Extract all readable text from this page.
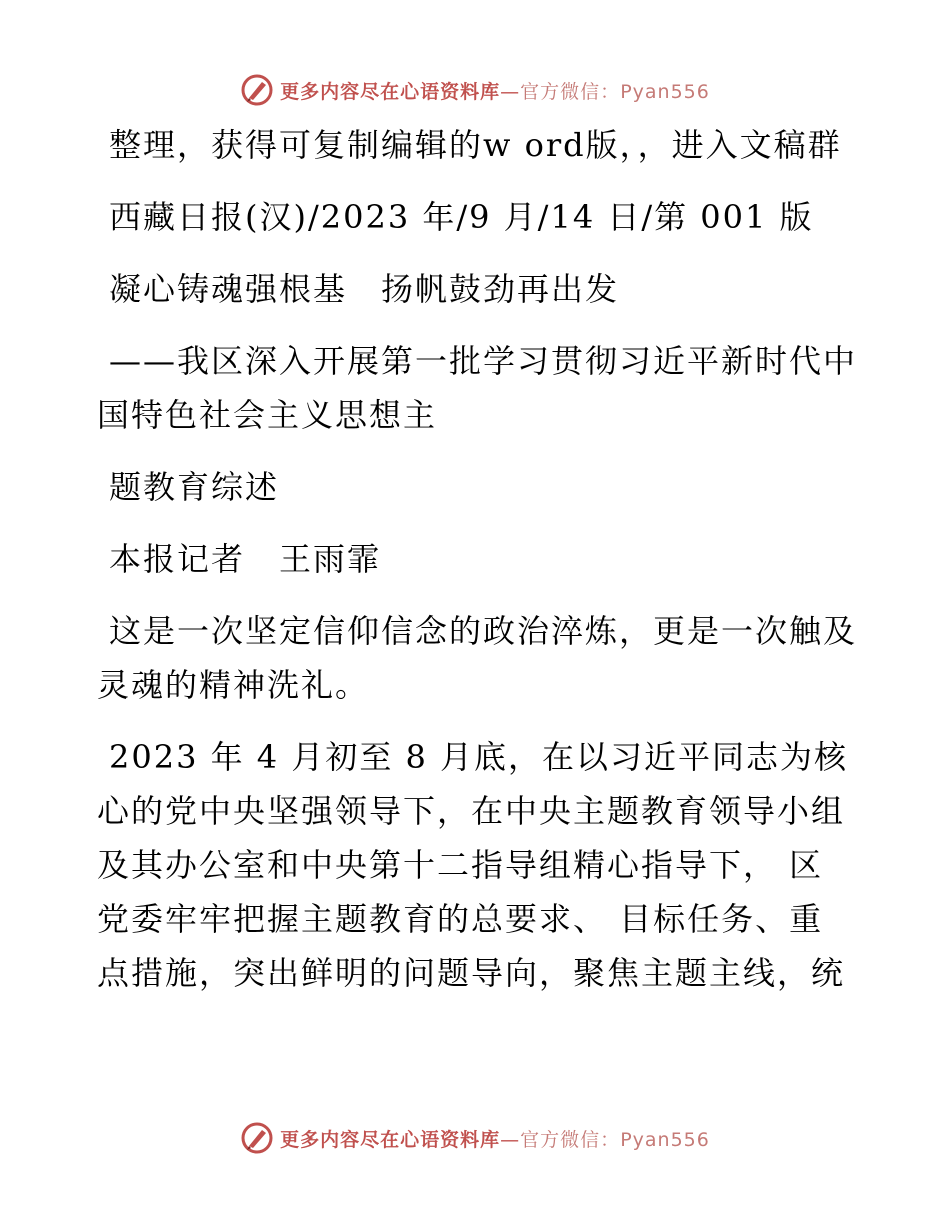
更多内容尽在心语资料库—官方微信：Pyan556

整理，获得可复制编辑的w ord版，，进入文稿群

西藏日报(汉)/2023 年/9 月/14 日/第 001 版

凝心铸魂强根基　扬帆鼓劲再出发

——我区深入开展第一批学习贯彻习近平新时代中国特色社会主义思想主

题教育综述

本报记者　王雨霏

这是一次坚定信仰信念的政治淬炼，更是一次触及灵魂的精神洗礼。

2023 年 4 月初至 8 月底，在以习近平同志为核心的党中央坚强领导下，在中央主题教育领导小组及其办公室和中央第十二指导组精心指导下， 区党委牢牢把握主题教育的总要求、 目标任务、重点措施，突出鲜明的问题导向，聚焦主题主线，统

更多内容尽在心语资料库—官方微信：Pyan556
